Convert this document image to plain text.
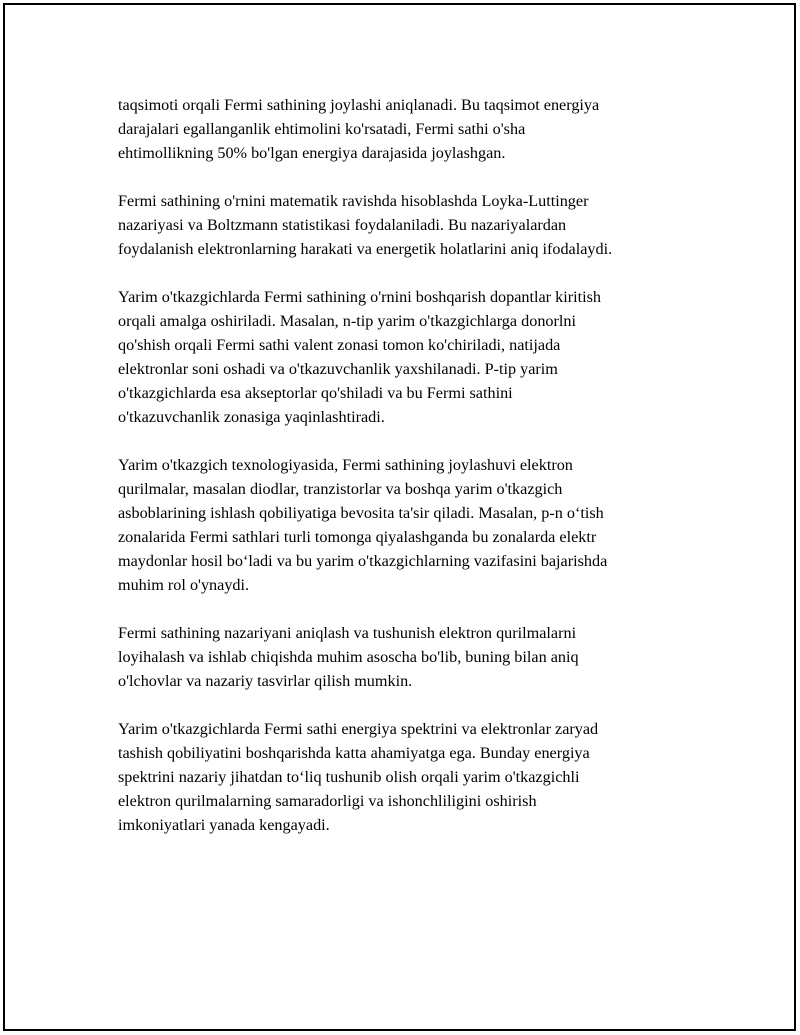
taqsimoti orqali Fermi sathining joylashi aniqlanadi. Bu taqsimot energiya
darajalari egallanganlik ehtimolini ko'rsatadi, Fermi sathi o'sha
ehtimollikning 50% bo'lgan energiya darajasida joylashgan.

Fermi sathining o'rnini matematik ravishda hisoblashda Loyka-Luttinger
nazariyasi va Boltzmann statistikasi foydalaniladi. Bu nazariyalardan
foydalanish elektronlarning harakati va energetik holatlarini aniq ifodalaydi.

Yarim o'tkazgichlarda Fermi sathining o'rnini boshqarish dopantlar kiritish
orqali amalga oshiriladi. Masalan, n-tip yarim o'tkazgichlarga donorlni
qo'shish orqali Fermi sathi valent zonasi tomon ko'chiriladi, natijada
elektronlar soni oshadi va o'tkazuvchanlik yaxshilanadi. P-tip yarim
o'tkazgichlarda esa akseptorlar qo'shiladi va bu Fermi sathini
o'tkazuvchanlik zonasiga yaqinlashtiradi.

Yarim o'tkazgich texnologiyasida, Fermi sathining joylashuvi elektron
qurilmalar, masalan diodlar, tranzistorlar va boshqa yarim o'tkazgich
asboblarining ishlash qobiliyatiga bevosita ta'sir qiladi. Masalan, p-n o‘tish
zonalarida Fermi sathlari turli tomonga qiyalashganda bu zonalarda elektr
maydonlar hosil bo‘ladi va bu yarim o'tkazgichlarning vazifasini bajarishda
muhim rol o'ynaydi.

Fermi sathining nazariyani aniqlash va tushunish elektron qurilmalarni
loyihalash va ishlab chiqishda muhim asoscha bo'lib, buning bilan aniq
o'lchovlar va nazariy tasvirlar qilish mumkin.

Yarim o'tkazgichlarda Fermi sathi energiya spektrini va elektronlar zaryad
tashish qobiliyatini boshqarishda katta ahamiyatga ega. Bunday energiya
spektrini nazariy jihatdan to‘liq tushunib olish orqali yarim o'tkazgichli
elektron qurilmalarning samaradorligi va ishonchliligini oshirish
imkoniyatlari yanada kengayadi.
